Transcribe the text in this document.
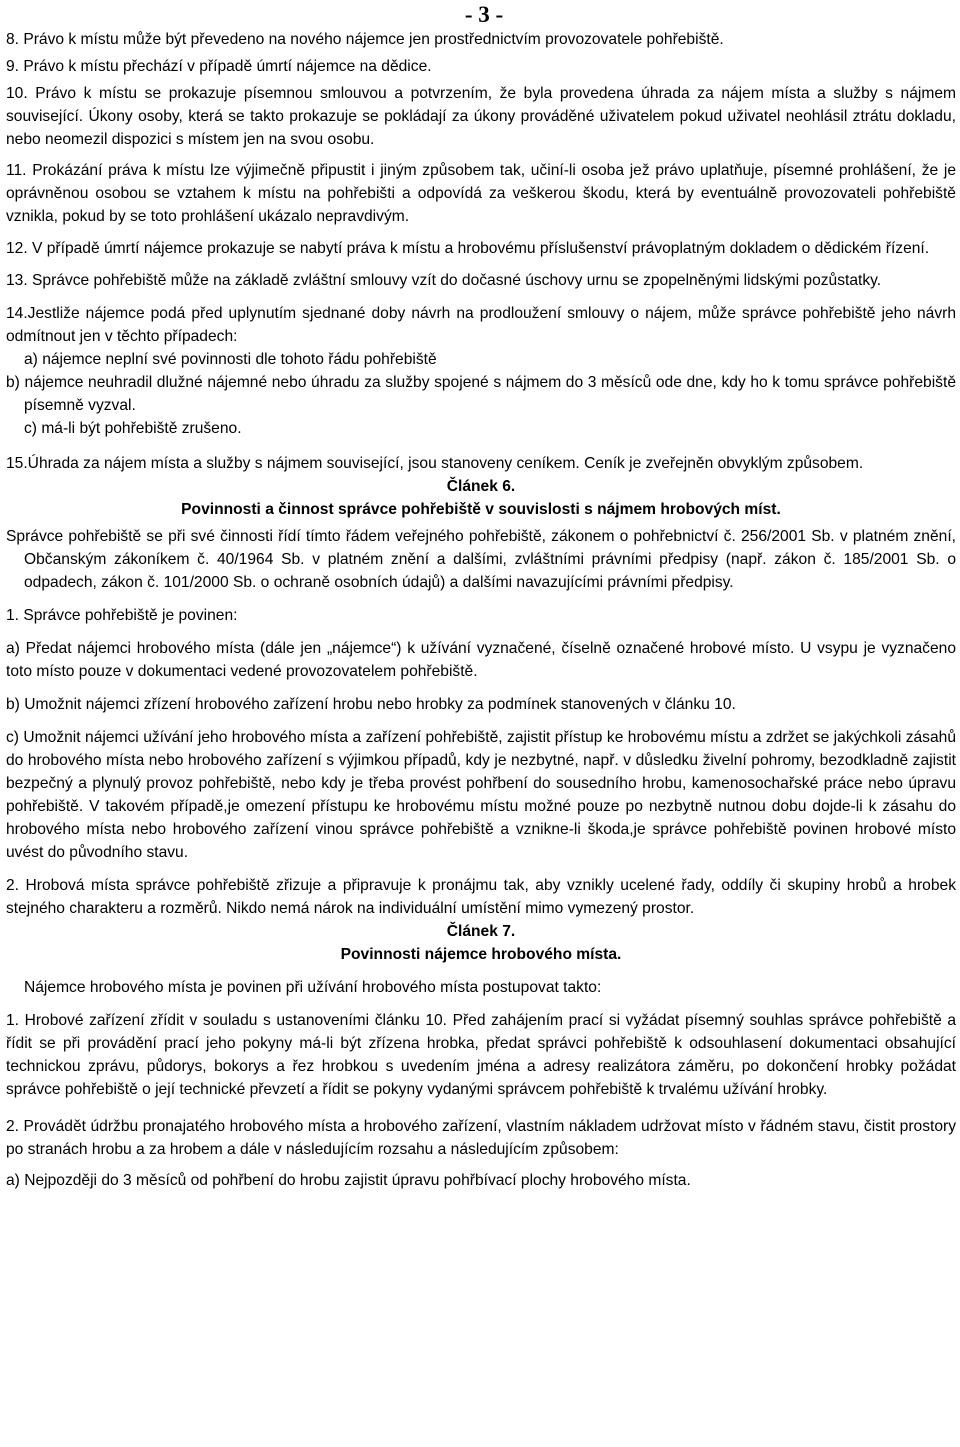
- 3 -

8. Právo k místu může být převedeno na nového nájemce jen prostřednictvím provozovatele pohřebiště.

9. Právo k místu přechází v případě úmrtí nájemce na dědice.

10. Právo k místu se prokazuje písemnou smlouvou a potvrzením, že byla provedena úhrada za nájem místa a služby s nájmem související. Úkony osoby, která se takto prokazuje se pokládají za úkony prováděné uživatelem pokud uživatel neohlásil ztrátu dokladu, nebo neomezil dispozici s místem jen na svou osobu.

11. Prokázání práva k místu lze výjimečně připustit i jiným způsobem tak, učiní-li osoba jež právo uplatňuje, písemné prohlášení, že je oprávněnou osobou se vztahem k místu na pohřebišti a odpovídá za veškerou škodu, která by eventuálně provozovateli pohřebiště vznikla, pokud by se toto prohlášení ukázalo nepravdivým.

12. V případě úmrtí nájemce prokazuje se nabytí práva k místu a hrobovému příslušenství právoplatným dokladem o dědickém řízení.

13. Správce pohřebiště může na základě zvláštní smlouvy vzít do dočasné úschovy urnu se zpopelněnými lidskými pozůstatky.

14.Jestliže nájemce podá před uplynutím sjednané doby návrh na prodloužení smlouvy o nájem, může správce pohřebiště jeho návrh odmítnout jen v těchto případech:

a) nájemce neplní své povinnosti dle tohoto řádu pohřebiště

b) nájemce neuhradil dlužné nájemné nebo úhradu za služby spojené s nájmem do 3 měsíců ode dne, kdy ho k tomu správce pohřebiště písemně vyzval.

c) má-li být pohřebiště zrušeno.

15.Úhrada za nájem místa a služby s nájmem související, jsou stanoveny ceníkem. Ceník je zveřejněn obvyklým způsobem.

Článek 6.

Povinnosti a činnost správce pohřebiště v souvislosti s nájmem hrobových míst.

Správce pohřebiště se při své činnosti řídí tímto řádem veřejného pohřebiště, zákonem o pohřebnictví č. 256/2001 Sb. v platném znění, Občanským zákoníkem č. 40/1964 Sb. v platném znění a dalšími, zvláštními právními předpisy (např. zákon č. 185/2001 Sb. o odpadech, zákon č. 101/2000 Sb. o ochraně osobních údajů) a dalšími navazujícími právními předpisy.

1. Správce pohřebiště je povinen:

a) Předat nájemci hrobového místa (dále jen „nájemce“) k užívání vyznačené, číselně označené hrobové místo. U vsypu je vyznačeno toto místo pouze v dokumentaci vedené provozovatelem pohřebiště.

b) Umožnit nájemci zřízení hrobového zařízení hrobu nebo hrobky za podmínek stanovených v článku 10.

c) Umožnit nájemci užívání jeho hrobového místa a zařízení pohřebiště, zajistit přístup ke hrobovému místu a zdržet se jakýchkoli zásahů do hrobového místa nebo hrobového zařízení s výjimkou případů, kdy je nezbytné, např. v důsledku živelní pohromy, bezodkladně zajistit bezpečný a plynulý provoz pohřebiště, nebo kdy je třeba provést pohřbení do sousedního hrobu, kamenosochařské práce nebo úpravu pohřebiště. V takovém případě,je omezení přístupu ke hrobovému místu možné pouze po nezbytně nutnou dobu dojde-li k zásahu do hrobového místa nebo hrobového zařízení vinou správce pohřebiště a vznikne-li škoda,je správce pohřebiště povinen hrobové místo uvést do původního stavu.

2. Hrobová místa správce pohřebiště zřizuje a připravuje k pronájmu tak, aby vznikly ucelené řady, oddíly či skupiny hrobů a hrobek stejného charakteru a rozměrů. Nikdo nemá nárok na individuální umístění mimo vymezený prostor.

Článek 7.

Povinnosti nájemce hrobového místa.

Nájemce hrobového místa je povinen při užívání hrobového místa postupovat takto:

1. Hrobové zařízení zřídit v souladu s ustanoveními článku 10. Před zahájením prací si vyžádat písemný souhlas správce pohřebiště a řídit se při provádění prací jeho pokyny má-li být zřízena hrobka, předat správci pohřebiště k odsouhlasení dokumentaci obsahující technickou zprávu, půdorys, bokorys a řez hrobkou s uvedením jména a adresy realizátora záměru, po dokončení hrobky požádat správce pohřebiště o její technické převzetí a řídit se pokyny vydanými správcem pohřebiště k trvalému užívání hrobky.

2. Provádět údržbu pronajatého hrobového místa a hrobového zařízení, vlastním nákladem udržovat místo v řádném stavu, čistit prostory po stranách hrobu a za hrobem a dále v následujícím rozsahu a následujícím způsobem:

a) Nejpozději do 3 měsíců od pohřbení do hrobu zajistit úpravu pohřbívací plochy hrobového místa.
